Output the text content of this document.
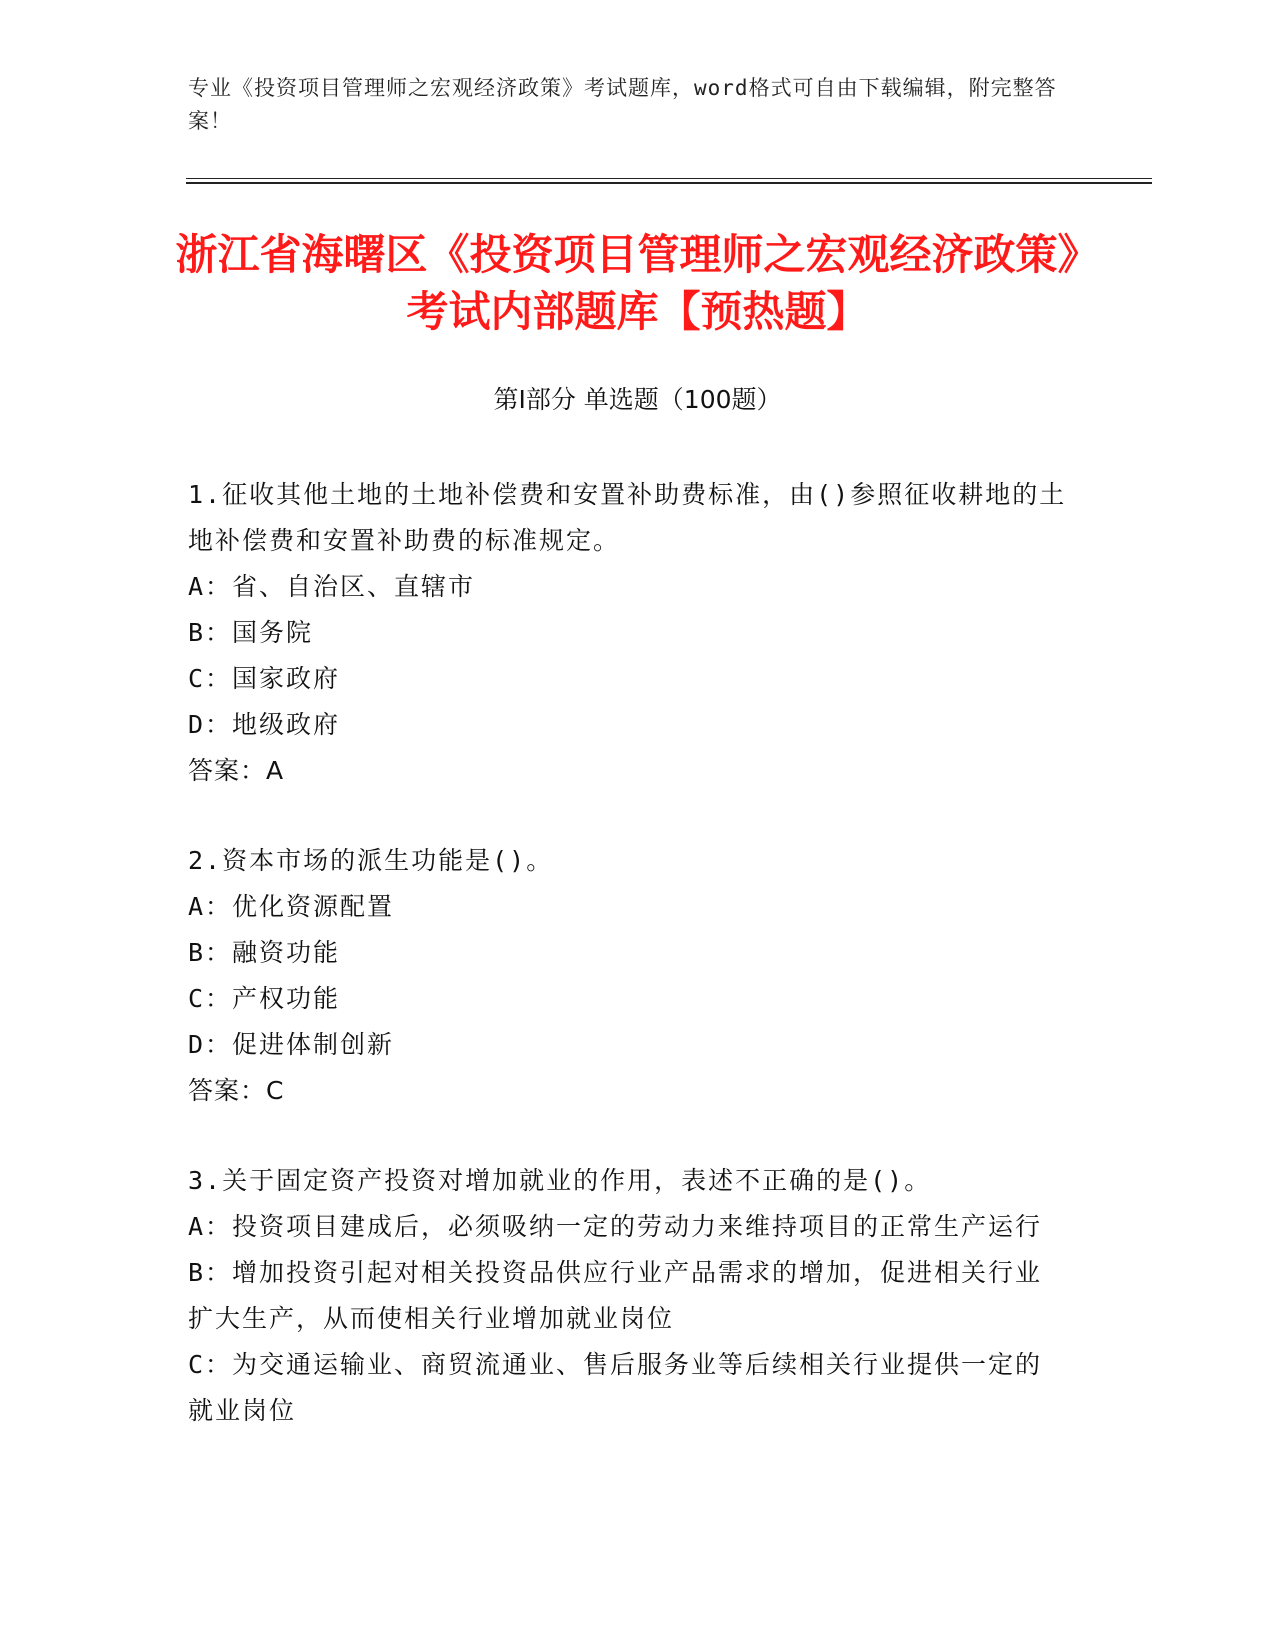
专业《投资项目管理师之宏观经济政策》考试题库，word格式可自由下载编辑，附完整答案！
浙江省海曙区《投资项目管理师之宏观经济政策》考试内部题库【预热题】
第Ⅰ部分 单选题（100题）
1.征收其他土地的土地补偿费和安置补助费标准，由()参照征收耕地的土地补偿费和安置补助费的标准规定。
A：省、自治区、直辖市
B：国务院
C：国家政府
D：地级政府
答案：A
2.资本市场的派生功能是()。
A：优化资源配置
B：融资功能
C：产权功能
D：促进体制创新
答案：C
3.关于固定资产投资对增加就业的作用，表述不正确的是()。
A：投资项目建成后，必须吸纳一定的劳动力来维持项目的正常生产运行
B：增加投资引起对相关投资品供应行业产品需求的增加，促进相关行业扩大生产，从而使相关行业增加就业岗位
C：为交通运输业、商贸流通业、售后服务业等后续相关行业提供一定的就业岗位
